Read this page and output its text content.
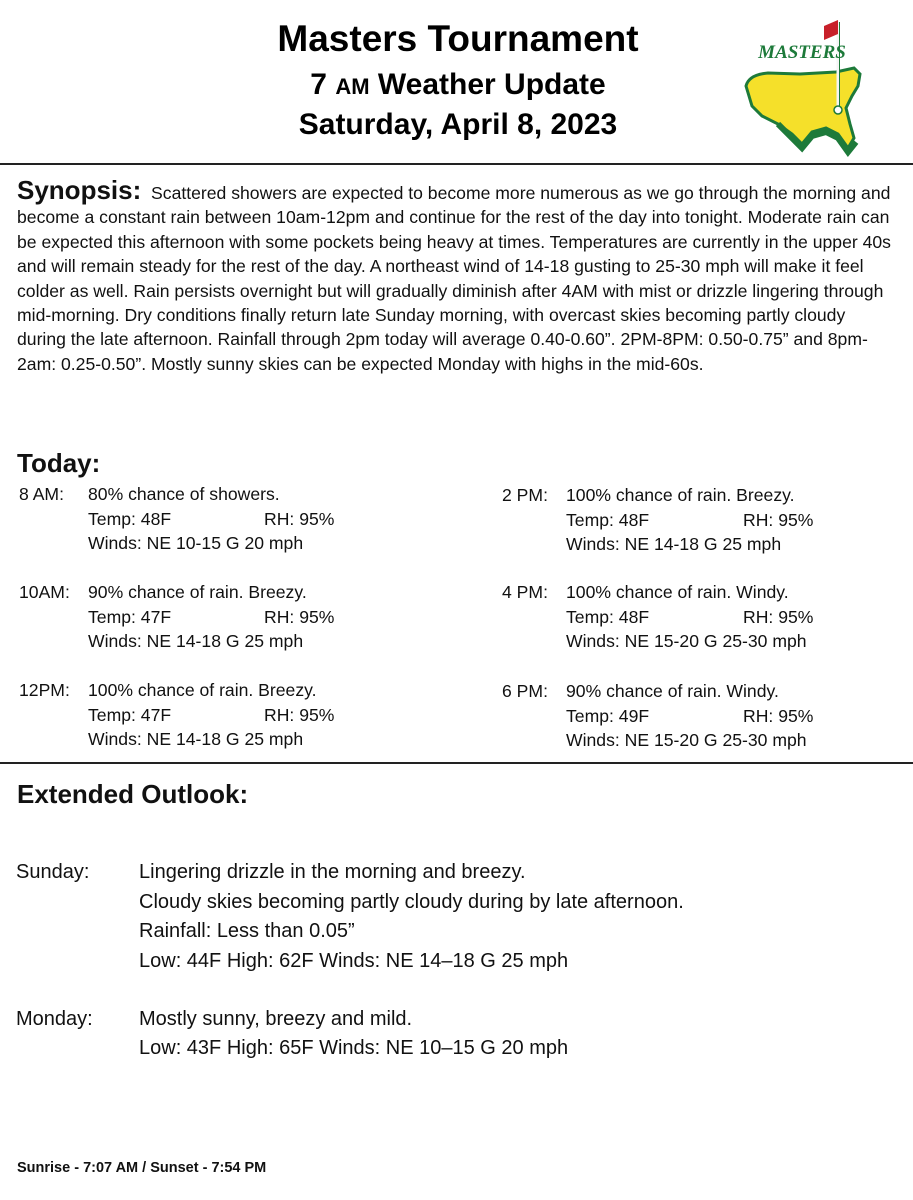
Masters Tournament
7 AM Weather Update
Saturday, April 8, 2023
MASTERS
Synopsis: Scattered showers are expected to become more numerous as we go through the morning and become a constant rain between 10am-12pm and continue for the rest of the day into tonight. Moderate rain can be expected this afternoon with some pockets being heavy at times. Temperatures are currently in the upper 40s and will remain steady for the rest of the day. A northeast wind of 14-18 gusting to 25-30 mph will make it feel colder as well. Rain persists overnight but will gradually diminish after 4AM with mist or drizzle lingering through mid-morning. Dry conditions finally return late Sunday morning, with overcast skies becoming partly cloudy during the late afternoon. Rainfall through 2pm today will average 0.40-0.60”. 2PM-8PM: 0.50-0.75” and 8pm-2am: 0.25-0.50”. Mostly sunny skies can be expected Monday with highs in the mid-60s.
Today:
8 AM: 80% chance of showers.
Temp: 48F	RH: 95%
Winds: NE 10-15 G 20 mph
10AM: 90% chance of rain. Breezy.
Temp: 47F	RH: 95%
Winds: NE 14-18 G 25 mph
12PM: 100% chance of rain. Breezy.
Temp: 47F	RH: 95%
Winds: NE 14-18 G 25 mph
2 PM: 100% chance of rain. Breezy.
Temp: 48F	RH: 95%
Winds: NE 14-18 G 25 mph
4 PM: 100% chance of rain. Windy.
Temp: 48F	RH: 95%
Winds: NE 15-20 G 25-30 mph
6 PM: 90% chance of rain. Windy.
Temp: 49F	RH: 95%
Winds: NE 15-20 G 25-30 mph
Extended Outlook:
Sunday: Lingering drizzle in the morning and breezy.
Cloudy skies becoming partly cloudy during by late afternoon.
Rainfall: Less than 0.05”
Low: 44F High: 62F Winds: NE 14–18 G 25 mph
Monday: Mostly sunny, breezy and mild.
Low: 43F High: 65F Winds: NE 10–15 G 20 mph
Sunrise - 7:07 AM / Sunset - 7:54 PM
